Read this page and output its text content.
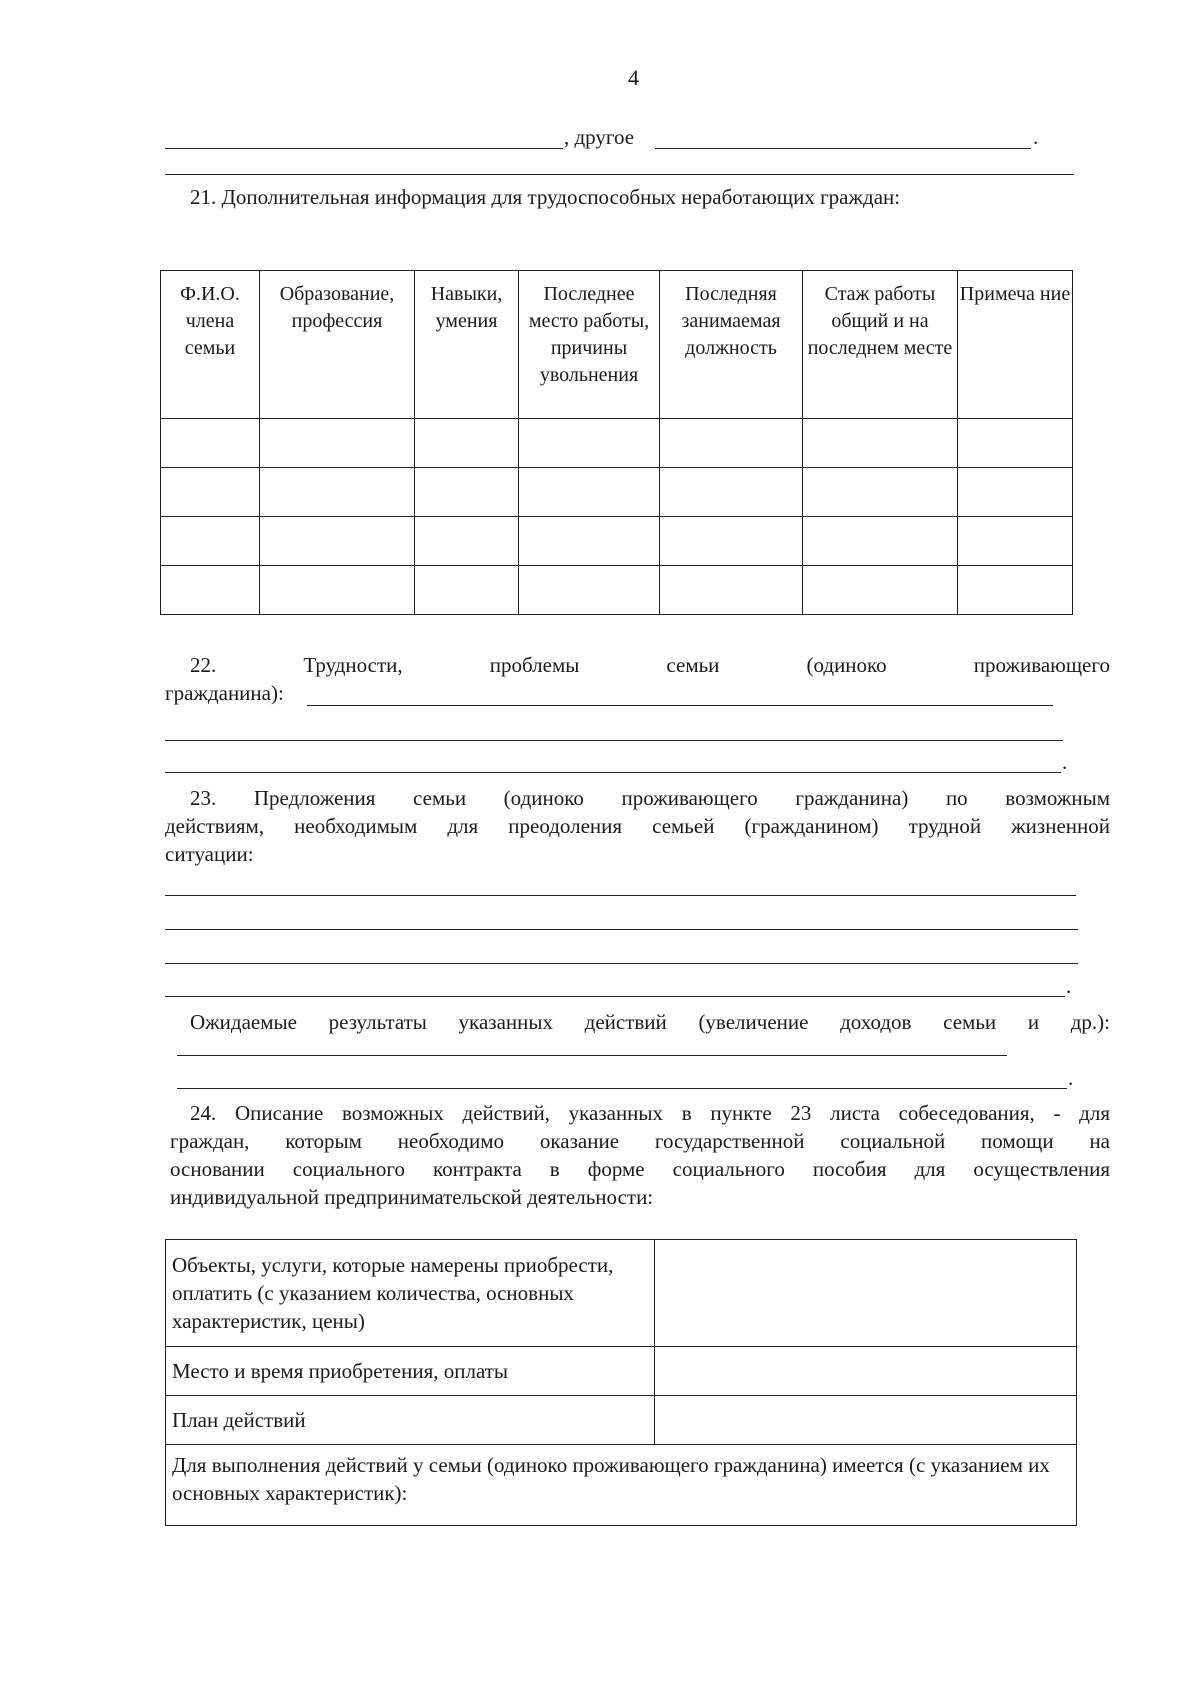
4
, другое	.
21. Дополнительная информация для трудоспособных неработающих граждан:
Ф.И.О. члена семьи	Образование, профессия	Навыки, умения	Последнее место работы, причины увольнения	Последняя занимаемая должность	Стаж работы общий и на последнем месте	Примеча ние

22.	Трудности,	проблемы	семьи	(одиноко	проживающего
гражданина):
.
23. Предложения семьи (одиноко проживающего гражданина) по возможным
действиям, необходимым для преодоления семьей (гражданином) трудной жизненной
ситуации:
.
Ожидаемые результаты указанных действий (увеличение доходов семьи и др.):
.
24. Описание возможных действий, указанных в пункте 23 листа собеседования, - для
граждан, которым необходимо оказание государственной социальной помощи на
основании социального контракта в форме социального пособия для осуществления
индивидуальной предпринимательской деятельности:
Объекты, услуги, которые намерены приобрести, оплатить (с указанием количества, основных характеристик, цены)	
Место и время приобретения, оплаты	
План действий	
Для выполнения действий у семьи (одиноко проживающего гражданина) имеется (с указанием их основных характеристик):	
